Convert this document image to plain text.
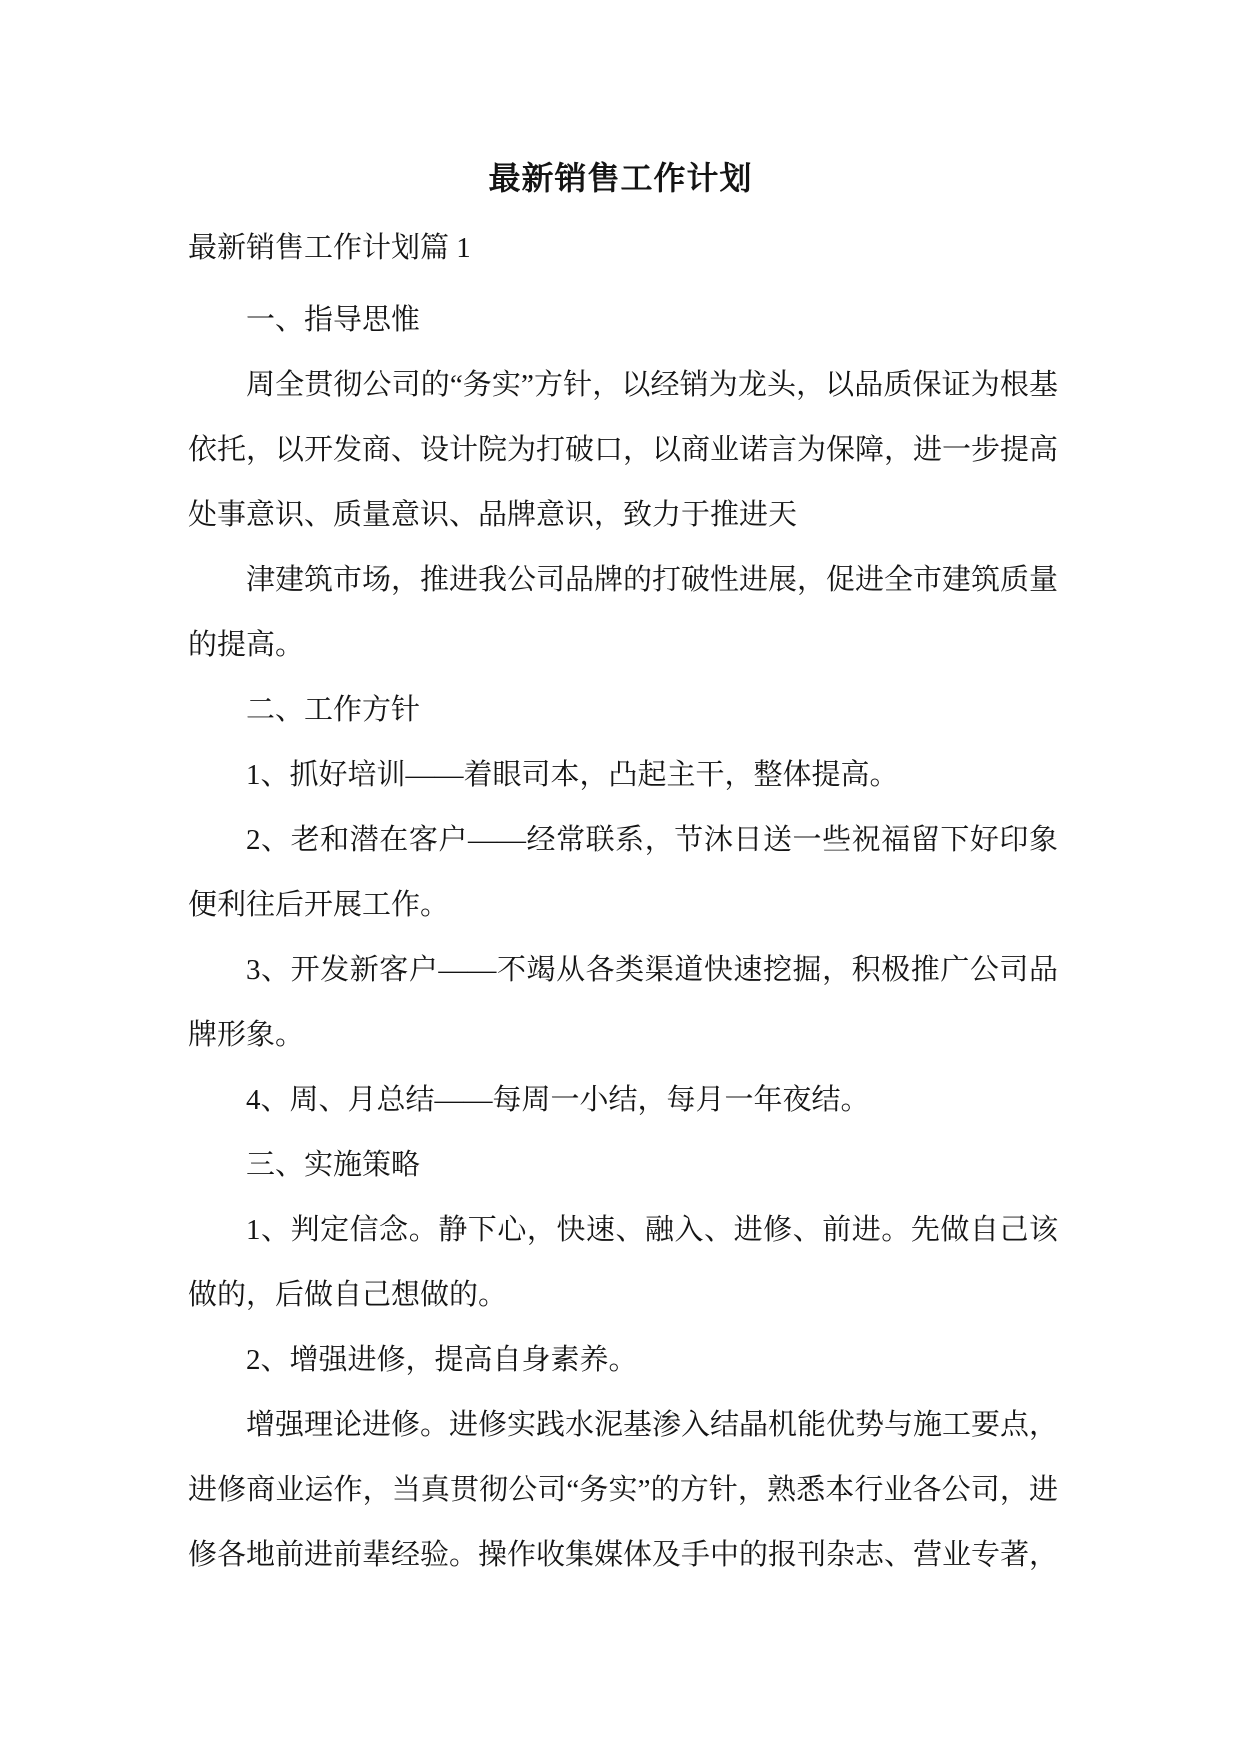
最新销售工作计划
最新销售工作计划篇 1

一、指导思惟

周全贯彻公司的“务实”方针，以经销为龙头，以品质保证为根基依托，以开发商、设计院为打破口，以商业诺言为保障，进一步提高处事意识、质量意识、品牌意识，致力于推进天

津建筑市场，推进我公司品牌的打破性进展，促进全市建筑质量的提高。

二、工作方针

1、抓好培训——着眼司本，凸起主干，整体提高。

2、老和潜在客户——经常联系，节沐日送一些祝福留下好印象便利往后开展工作。

3、开发新客户——不竭从各类渠道快速挖掘，积极推广公司品牌形象。

4、周、月总结——每周一小结，每月一年夜结。

三、实施策略

1、判定信念。静下心，快速、融入、进修、前进。先做自己该做的，后做自己想做的。

2、增强进修，提高自身素养。

增强理论进修。进修实践水泥基渗入结晶机能优势与施工要点，进修商业运作，当真贯彻公司“务实”的方针，熟悉本行业各公司，进修各地前进前辈经验。操作收集媒体及手中的报刊杂志、营业专著，
